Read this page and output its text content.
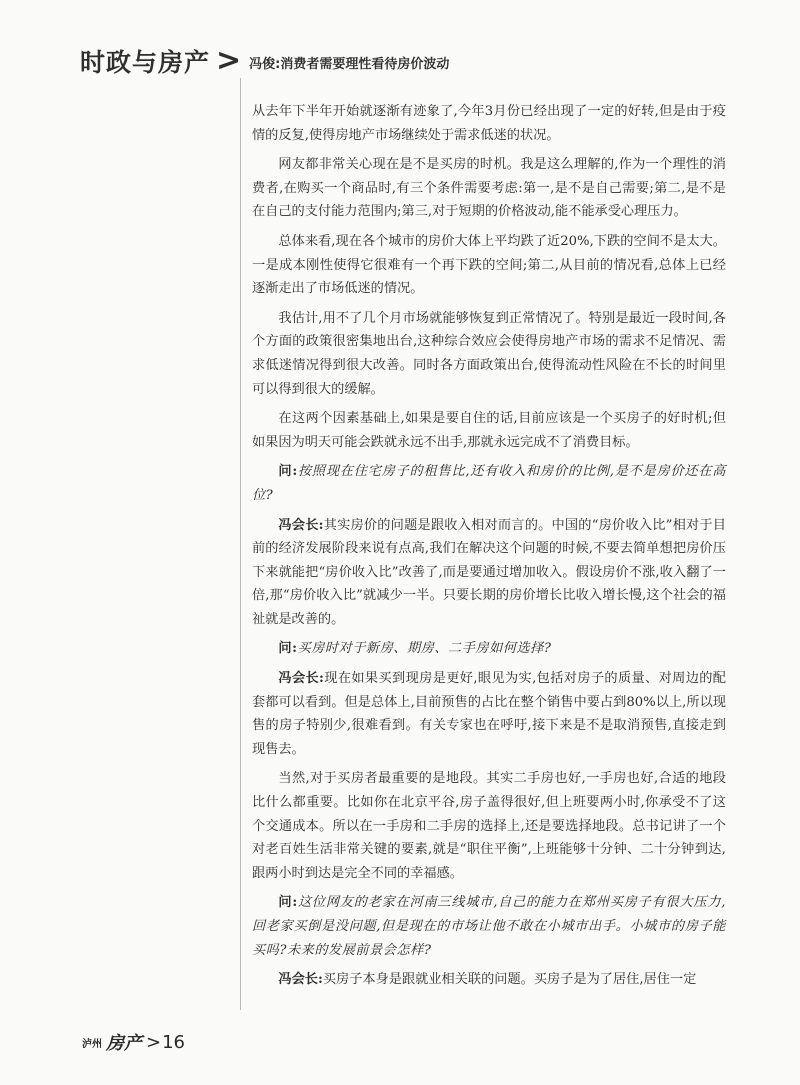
时政与房产 > 冯俊:消费者需要理性看待房价波动

从去年下半年开始就逐渐有迹象了,今年3月份已经出现了一定的好转,但是由于疫情的反复,使得房地产市场继续处于需求低迷的状况。

网友都非常关心现在是不是买房的时机。我是这么理解的,作为一个理性的消费者,在购买一个商品时,有三个条件需要考虑:第一,是不是自己需要;第二,是不是在自己的支付能力范围内;第三,对于短期的价格波动,能不能承受心理压力。

总体来看,现在各个城市的房价大体上平均跌了近20%,下跌的空间不是太大。一是成本刚性使得它很难有一个再下跌的空间;第二,从目前的情况看,总体上已经逐渐走出了市场低迷的情况。

我估计,用不了几个月市场就能够恢复到正常情况了。特别是最近一段时间,各个方面的政策很密集地出台,这种综合效应会使得房地产市场的需求不足情况、需求低迷情况得到很大改善。同时各方面政策出台,使得流动性风险在不长的时间里可以得到很大的缓解。

在这两个因素基础上,如果是要自住的话,目前应该是一个买房子的好时机;但如果因为明天可能会跌就永远不出手,那就永远完成不了消费目标。

问:按照现在住宅房子的租售比,还有收入和房价的比例,是不是房价还在高位?

冯会长:其实房价的问题是跟收入相对而言的。中国的“房价收入比”相对于目前的经济发展阶段来说有点高,我们在解决这个问题的时候,不要去简单想把房价压下来就能把“房价收入比”改善了,而是要通过增加收入。假设房价不涨,收入翻了一倍,那“房价收入比”就减少一半。只要长期的房价增长比收入增长慢,这个社会的福祉就是改善的。

问:买房时对于新房、期房、二手房如何选择?

冯会长:现在如果买到现房是更好,眼见为实,包括对房子的质量、对周边的配套都可以看到。但是总体上,目前预售的占比在整个销售中要占到80%以上,所以现售的房子特别少,很难看到。有关专家也在呼吁,接下来是不是取消预售,直接走到现售去。

当然,对于买房者最重要的是地段。其实二手房也好,一手房也好,合适的地段比什么都重要。比如你在北京平谷,房子盖得很好,但上班要两小时,你承受不了这个交通成本。所以在一手房和二手房的选择上,还是要选择地段。总书记讲了一个对老百姓生活非常关键的要素,就是“职住平衡”,上班能够十分钟、二十分钟到达,跟两小时到达是完全不同的幸福感。

问:这位网友的老家在河南三线城市,自己的能力在郑州买房子有很大压力,回老家买倒是没问题,但是现在的市场让他不敢在小城市出手。小城市的房子能买吗?未来的发展前景会怎样?

冯会长:买房子本身是跟就业相关联的问题。买房子是为了居住,居住一定

泸州 房产 > 16
